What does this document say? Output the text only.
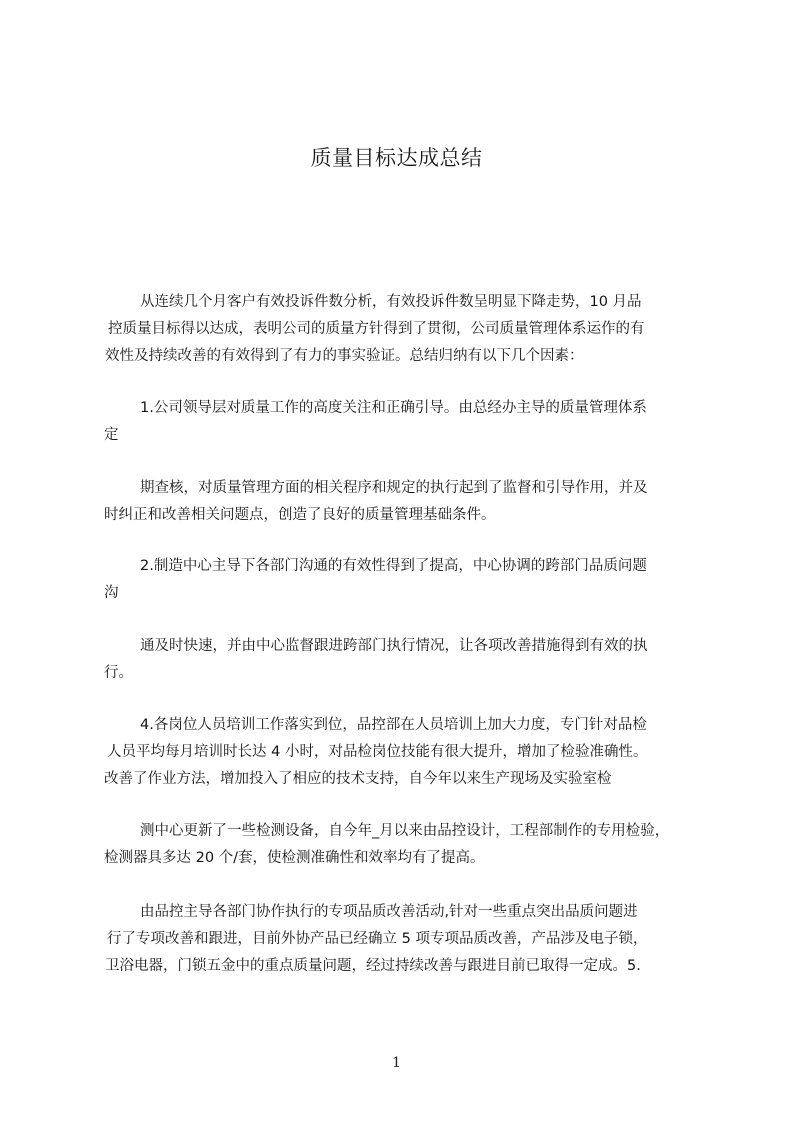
质量目标达成总结

从连续几个月客户有效投诉件数分析，有效投诉件数呈明显下降走势，10 月品

控质量目标得以达成，表明公司的质量方针得到了贯彻，公司质量管理体系运作的有

效性及持续改善的有效得到了有力的事实验证。总结归纳有以下几个因素：

1.公司领导层对质量工作的高度关注和正确引导。由总经办主导的质量管理体系

定

期查核，对质量管理方面的相关程序和规定的执行起到了监督和引导作用，并及

时纠正和改善相关问题点，创造了良好的质量管理基础条件。

2.制造中心主导下各部门沟通的有效性得到了提高，中心协调的跨部门品质问题

沟

通及时快速，并由中心监督跟进跨部门执行情况，让各项改善措施得到有效的执

行。

4.各岗位人员培训工作落实到位，品控部在人员培训上加大力度，专门针对品检

人员平均每月培训时长达 4 小时，对品检岗位技能有很大提升，增加了检验准确性。

改善了作业方法，增加投入了相应的技术支持，自今年以来生产现场及实验室检

测中心更新了一些检测设备，自今年_月以来由品控设计，工程部制作的专用检验，

检测器具多达 20 个/套，使检测准确性和效率均有了提高。

由品控主导各部门协作执行的专项品质改善活动,针对一些重点突出品质问题进

行了专项改善和跟进，目前外协产品已经确立 5 项专项品质改善，产品涉及电子锁，

卫浴电器，门锁五金中的重点质量问题，经过持续改善与跟进目前已取得一定成。5.

1
